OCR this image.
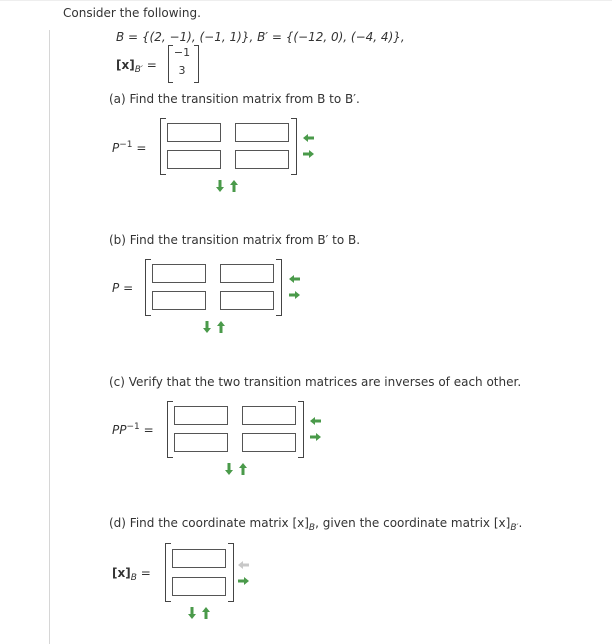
Consider the following.
B = {(2, −1), (−1, 1)}, B′ = {(−12, 0), (−4, 4)},
$[x]_{B'}$ =
−1
3
(a) Find the transition matrix from B to B′.
$P^{-1}$ =
(b) Find the transition matrix from B′ to B.
P =
(c) Verify that the two transition matrices are inverses of each other.
$PP^{-1}$ =
(d) Find the coordinate matrix $[x]_B$, given the coordinate matrix $[x]_{B'}$.
$[x]_B$ =
